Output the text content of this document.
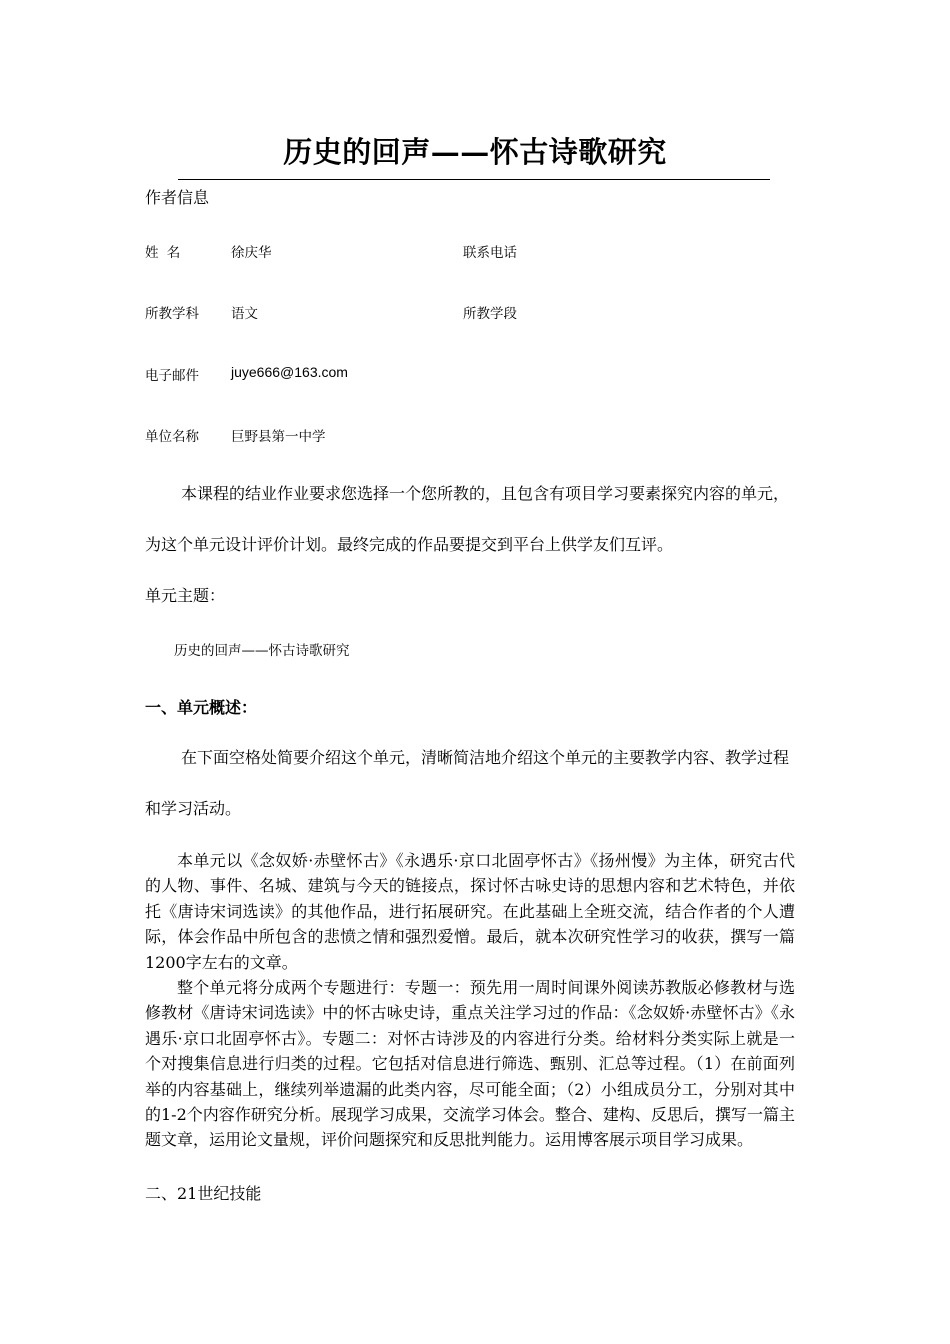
历史的回声——怀古诗歌研究
作者信息
姓 名	徐庆华	联系电话
所教学科 语文	所教学段
电子邮件 juye666@163.com
单位名称 巨野县第一中学
本课程的结业作业要求您选择一个您所教的，且包含有项目学习要素探究内容的单元，
为这个单元设计评价计划。最终完成的作品要提交到平台上供学友们互评。
单元主题：
历史的回声——怀古诗歌研究
一、单元概述：
在下面空格处简要介绍这个单元，清晰简洁地介绍这个单元的主要教学内容、教学过程
和学习活动。

本单元以《念奴娇·赤壁怀古》《永遇乐·京口北固亭怀古》《扬州慢》为主体，研究古代的人物、事件、名城、建筑与今天的链接点，探讨怀古咏史诗的思想内容和艺术特色，并依托《唐诗宋词选读》的其他作品，进行拓展研究。在此基础上全班交流，结合作者的个人遭际，体会作品中所包含的悲愤之情和强烈爱憎。最后，就本次研究性学习的收获，撰写一篇1200字左右的文章。

整个单元将分成两个专题进行：专题一：预先用一周时间课外阅读苏教版必修教材与选修教材《唐诗宋词选读》中的怀古咏史诗，重点关注学习过的作品：《念奴娇·赤壁怀古》《永遇乐·京口北固亭怀古》。专题二：对怀古诗涉及的内容进行分类。给材料分类实际上就是一个对搜集信息进行归类的过程。它包括对信息进行筛选、甄别、汇总等过程。（1）在前面列举的内容基础上，继续列举遗漏的此类内容，尽可能全面；（2）小组成员分工，分别对其中的1-2个内容作研究分析。展现学习成果，交流学习体会。整合、建构、反思后，撰写一篇主题文章，运用论文量规，评价问题探究和反思批判能力。运用博客展示项目学习成果。

二、21世纪技能
